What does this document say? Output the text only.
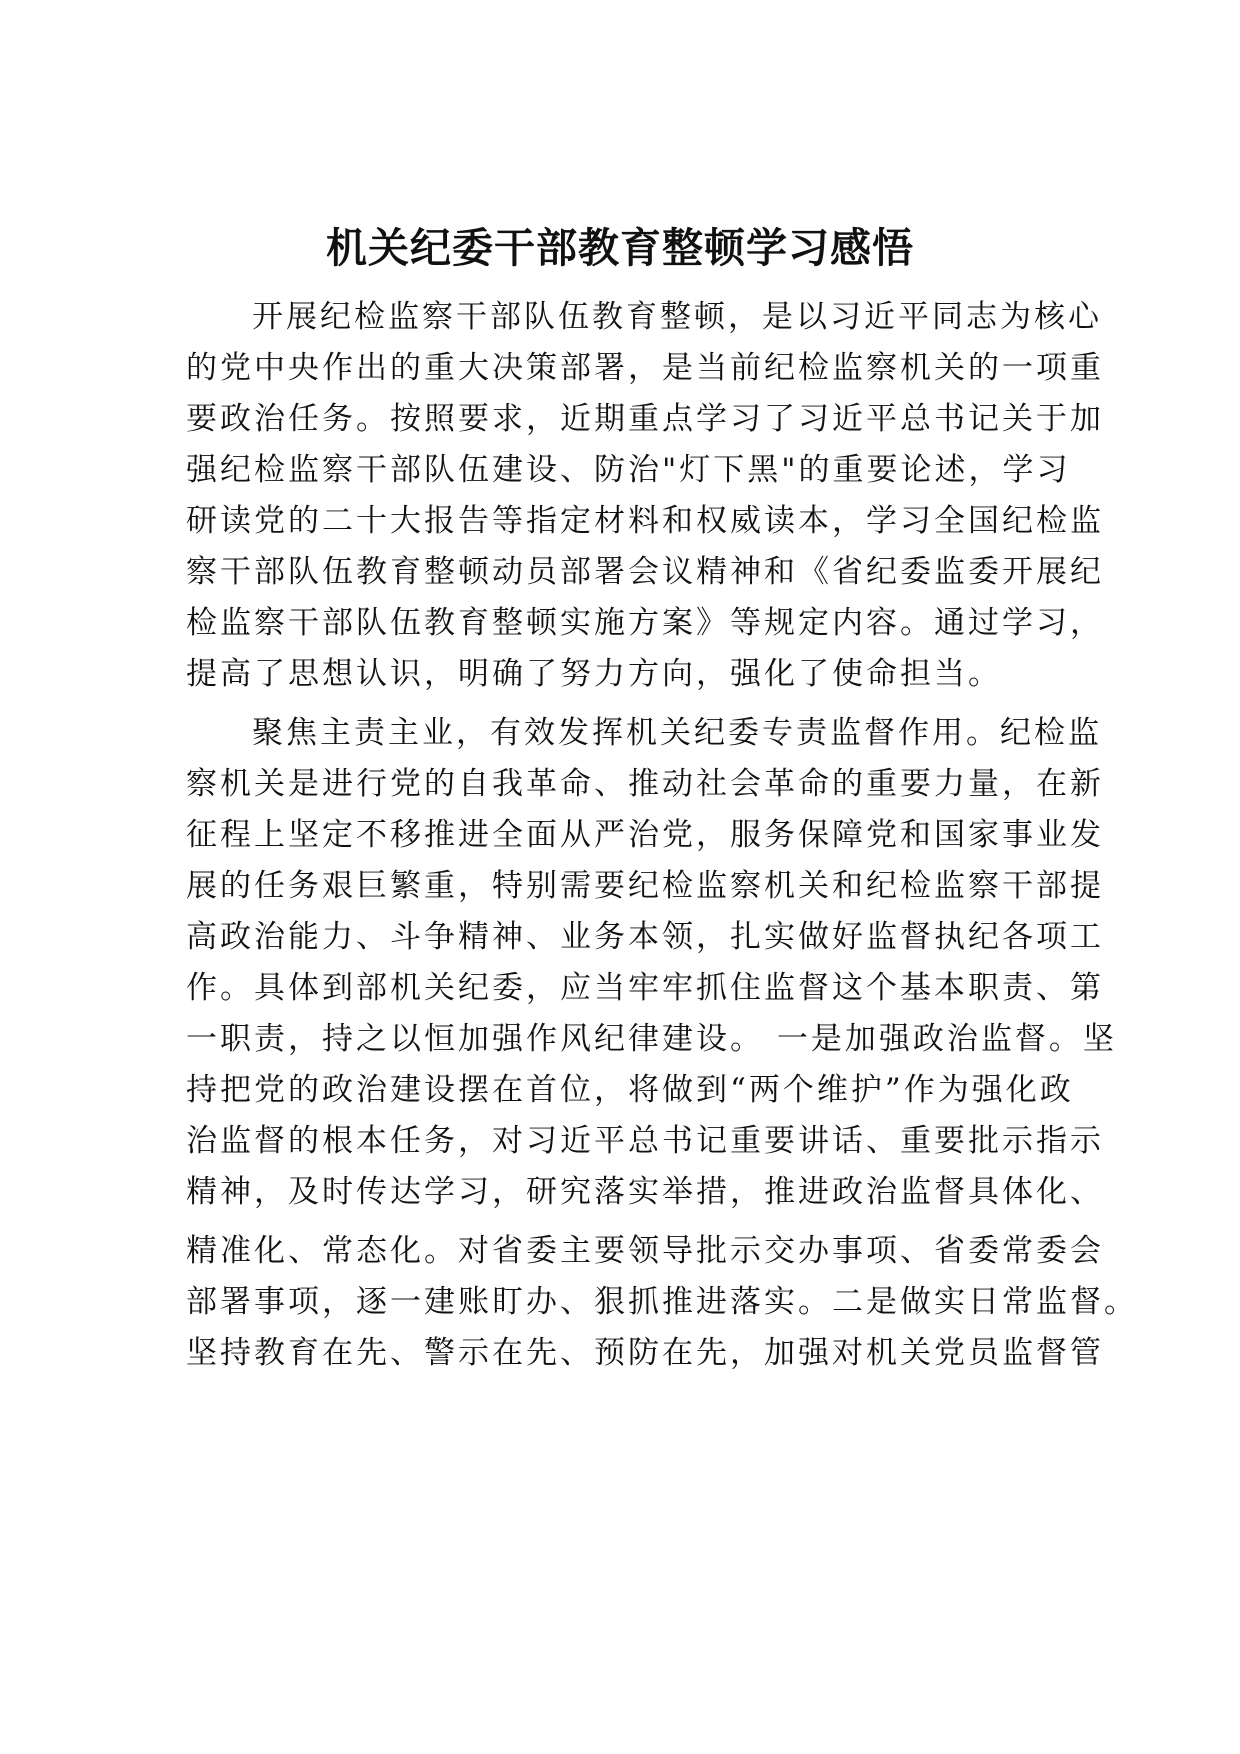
机关纪委干部教育整顿学习感悟
开展纪检监察干部队伍教育整顿，是以习近平同志为核心
的党中央作出的重大决策部署，是当前纪检监察机关的一项重
要政治任务。按照要求，近期重点学习了习近平总书记关于加
强纪检监察干部队伍建设、防治"灯下黑"的重要论述，学习
研读党的二十大报告等指定材料和权威读本，学习全国纪检监
察干部队伍教育整顿动员部署会议精神和《省纪委监委开展纪
检监察干部队伍教育整顿实施方案》等规定内容。通过学习，
提高了思想认识，明确了努力方向，强化了使命担当。
聚焦主责主业，有效发挥机关纪委专责监督作用。纪检监
察机关是进行党的自我革命、推动社会革命的重要力量，在新
征程上坚定不移推进全面从严治党，服务保障党和国家事业发
展的任务艰巨繁重，特别需要纪检监察机关和纪检监察干部提
高政治能力、斗争精神、业务本领，扎实做好监督执纪各项工
作。具体到部机关纪委，应当牢牢抓住监督这个基本职责、第
一职责，持之以恒加强作风纪律建设。 一是加强政治监督。坚
持把党的政治建设摆在首位，将做到“两个维护”作为强化政
治监督的根本任务，对习近平总书记重要讲话、重要批示指示
精神，及时传达学习，研究落实举措，推进政治监督具体化、
精准化、常态化。对省委主要领导批示交办事项、省委常委会
部署事项，逐一建账盯办、狠抓推进落实。二是做实日常监督。
坚持教育在先、警示在先、预防在先，加强对机关党员监督管
